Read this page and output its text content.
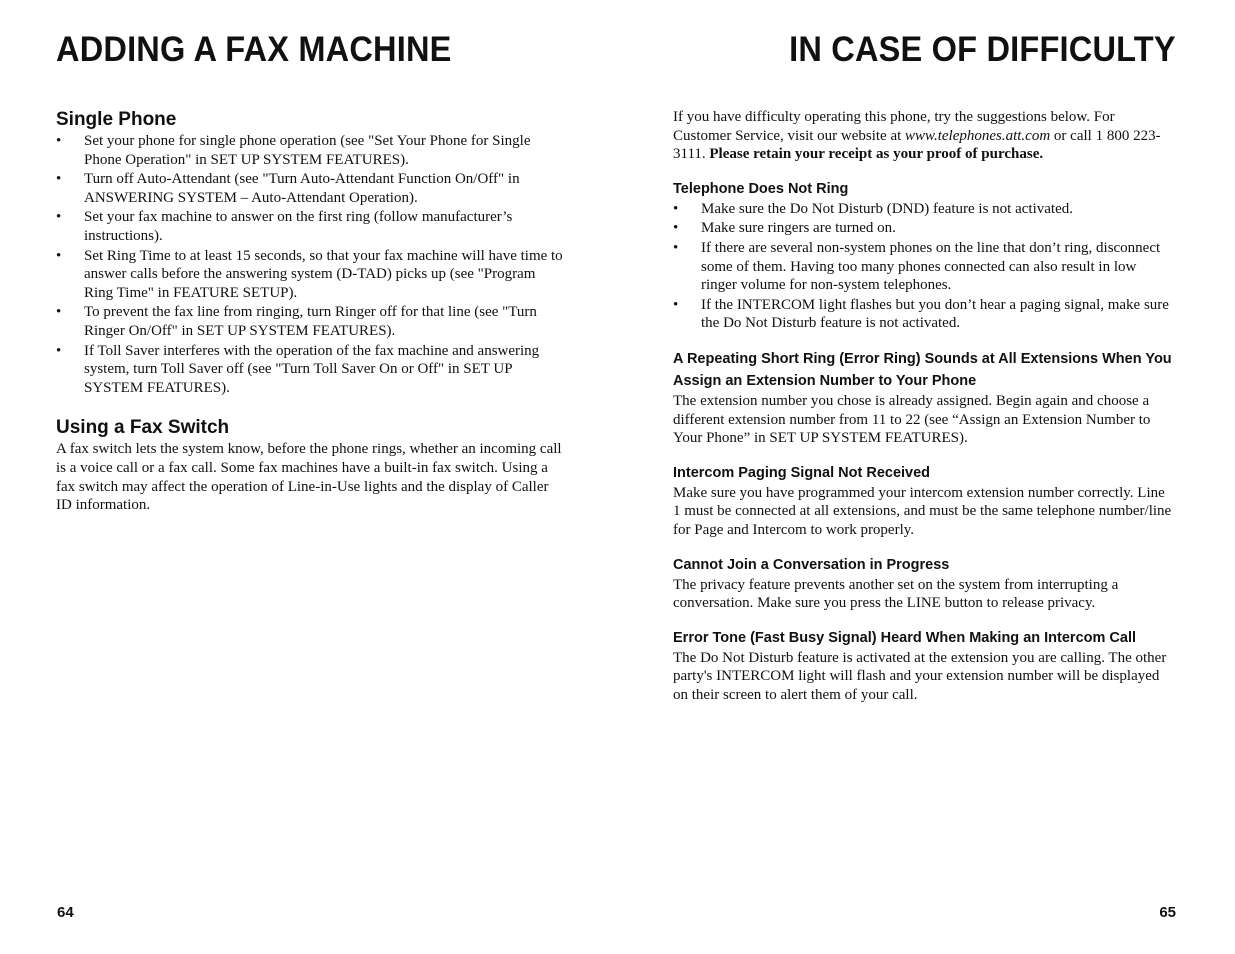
ADDING A FAX MACHINE
Single Phone
• Set your phone for single phone operation (see "Set Your Phone for Single Phone Operation" in SET UP SYSTEM FEATURES).
• Turn off Auto-Attendant (see "Turn Auto-Attendant Function On/Off" in ANSWERING SYSTEM – Auto-Attendant Operation).
• Set your fax machine to answer on the first ring (follow manufacturer’s instructions).
• Set Ring Time to at least 15 seconds, so that your fax machine will have time to answer calls before the answering system (D-TAD) picks up (see "Program Ring Time" in FEATURE SETUP).
• To prevent the fax line from ringing, turn Ringer off for that line (see "Turn Ringer On/Off" in SET UP SYSTEM FEATURES).
• If Toll Saver interferes with the operation of the fax machine and answering system, turn Toll Saver off (see "Turn Toll Saver On or Off" in SET UP SYSTEM FEATURES).
Using a Fax Switch

A fax switch lets the system know, before the phone rings, whether an incoming call is a voice call or a fax call. Some fax machines have a built-in fax switch. Using a fax switch may affect the operation of Line-in-Use lights and the display of Caller ID information.

64
IN CASE OF DIFFICULTY

If you have difficulty operating this phone, try the suggestions below. For Customer Service, visit our website at www.telephones.att.com or call 1 800 223-3111. Please retain your receipt as your proof of purchase.

Telephone Does Not Ring
• Make sure the Do Not Disturb (DND) feature is not activated.
• Make sure ringers are turned on.
• If there are several non-system phones on the line that don’t ring, disconnect some of them. Having too many phones connected can also result in low ringer volume for non-system telephones.
• If the INTERCOM light flashes but you don’t hear a paging signal, make sure the Do Not Disturb feature is not activated.
A Repeating Short Ring (Error Ring) Sounds at All Extensions When You Assign an Extension Number to Your Phone

The extension number you chose is already assigned. Begin again and choose a different extension number from 11 to 22 (see “Assign an Extension Number to Your Phone” in SET UP SYSTEM FEATURES).

Intercom Paging Signal Not Received

Make sure you have programmed your intercom extension number correctly. Line 1 must be connected at all extensions, and must be the same telephone number/line for Page and Intercom to work properly.

Cannot Join a Conversation in Progress

The privacy feature prevents another set on the system from interrupting a conversation. Make sure you press the LINE button to release privacy.

Error Tone (Fast Busy Signal) Heard When Making an Intercom Call

The Do Not Disturb feature is activated at the extension you are calling. The other party's INTERCOM light will flash and your extension number will be displayed on their screen to alert them of your call.

65
